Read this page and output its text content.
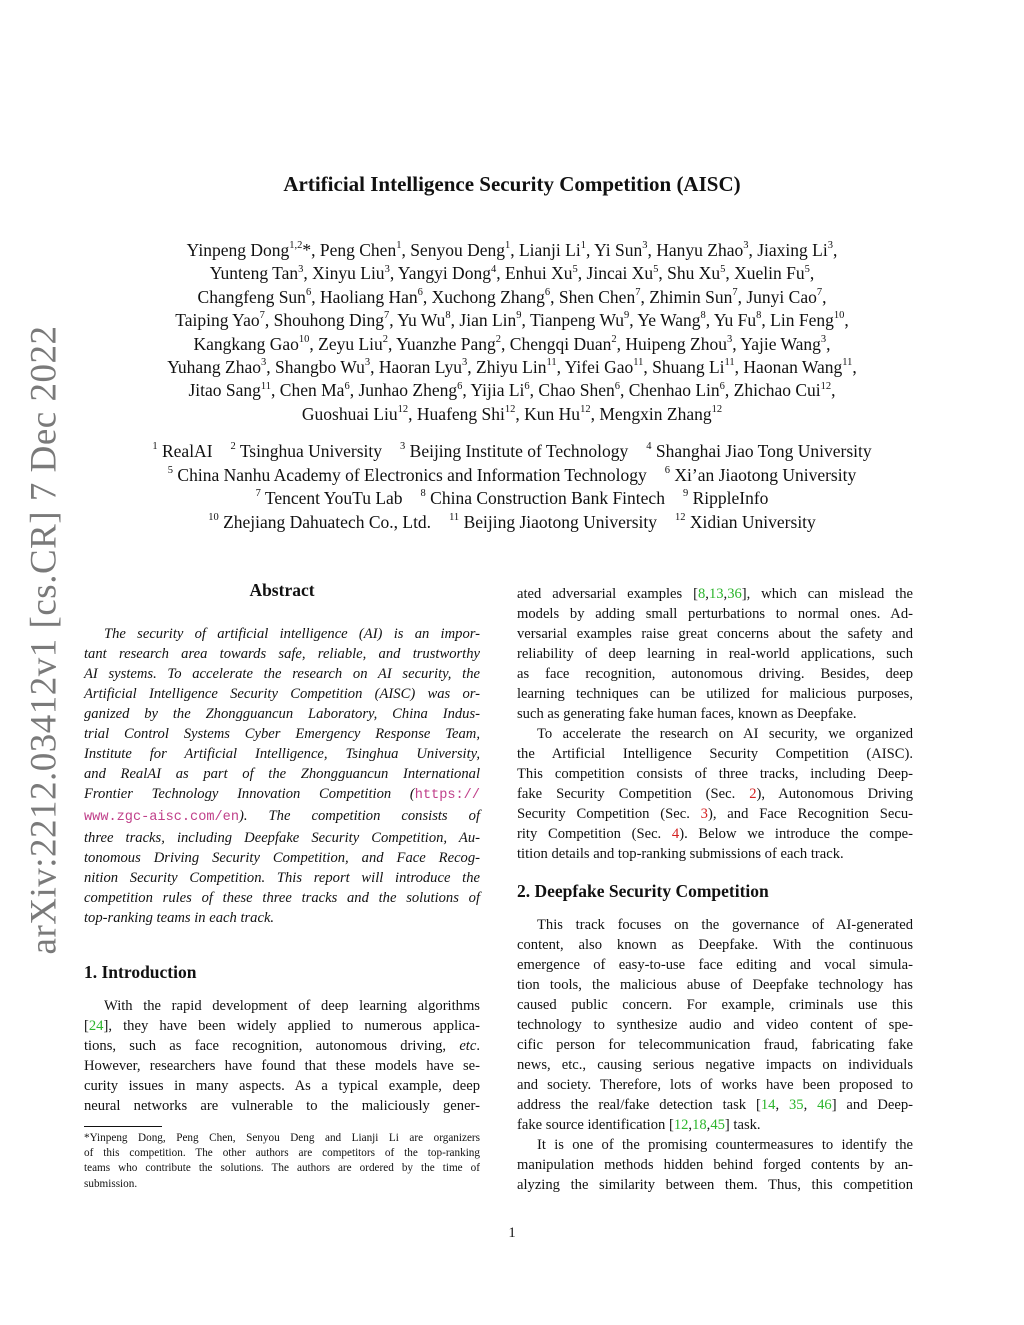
arXiv:2212.03412v1 [cs.CR] 7 Dec 2022
Artificial Intelligence Security Competition (AISC)
Yinpeng Dong$^{1,2}$*, Peng Chen$^1$, Senyou Deng$^1$, Lianji Li$^1$, Yi Sun$^3$, Hanyu Zhao$^3$, Jiaxing Li$^3$,
Yunteng Tan$^3$, Xinyu Liu$^3$, Yangyi Dong$^4$, Enhui Xu$^5$, Jincai Xu$^5$, Shu Xu$^5$, Xuelin Fu$^5$,
Changfeng Sun$^6$, Haoliang Han$^6$, Xuchong Zhang$^6$, Shen Chen$^7$, Zhimin Sun$^7$, Junyi Cao$^7$,
Taiping Yao$^7$, Shouhong Ding$^7$, Yu Wu$^8$, Jian Lin$^9$, Tianpeng Wu$^9$, Ye Wang$^8$, Yu Fu$^8$, Lin Feng$^{10}$,
Kangkang Gao$^{10}$, Zeyu Liu$^2$, Yuanzhe Pang$^2$, Chengqi Duan$^2$, Huipeng Zhou$^3$, Yajie Wang$^3$,
Yuhang Zhao$^3$, Shangbo Wu$^3$, Haoran Lyu$^3$, Zhiyu Lin$^{11}$, Yifei Gao$^{11}$, Shuang Li$^{11}$, Haonan Wang$^{11}$,
Jitao Sang$^{11}$, Chen Ma$^6$, Junhao Zheng$^6$, Yijia Li$^6$, Chao Shen$^6$, Chenhao Lin$^6$, Zhichao Cui$^{12}$,
Guoshuai Liu$^{12}$, Huafeng Shi$^{12}$, Kun Hu$^{12}$, Mengxin Zhang$^{12}$
$^1$ RealAI $^2$ Tsinghua University $^3$ Beijing Institute of Technology $^4$ Shanghai Jiao Tong University
$^5$ China Nanhu Academy of Electronics and Information Technology $^6$ Xi’an Jiaotong University
$^7$ Tencent YouTu Lab $^8$ China Construction Bank Fintech $^9$ RippleInfo
$^{10}$ Zhejiang Dahuatech Co., Ltd. $^{11}$ Beijing Jiaotong University $^{12}$ Xidian University
Abstract
The security of artificial intelligence (AI) is an impor-
tant research area towards safe, reliable, and trustworthy
AI systems. To accelerate the research on AI security, the
Artificial Intelligence Security Competition (AISC) was or-
ganized by the Zhongguancun Laboratory, China Indus-
trial Control Systems Cyber Emergency Response Team,
Institute for Artificial Intelligence, Tsinghua University,
and RealAI as part of the Zhongguancun International
Frontier Technology Innovation Competition (https://
www.zgc-aisc.com/en). The competition consists of
three tracks, including Deepfake Security Competition, Au-
tonomous Driving Security Competition, and Face Recog-
nition Security Competition. This report will introduce the
competition rules of these three tracks and the solutions of
top-ranking teams in each track.
1. Introduction
With the rapid development of deep learning algorithms
[24], they have been widely applied to numerous applica-
tions, such as face recognition, autonomous driving, etc.
However, researchers have found that these models have se-
curity issues in many aspects. As a typical example, deep
neural networks are vulnerable to the maliciously gener-
*Yinpeng Dong, Peng Chen, Senyou Deng and Lianji Li are organizers
of this competition. The other authors are competitors of the top-ranking
teams who contribute the solutions. The authors are ordered by the time of
submission.
ated adversarial examples [8,13,36], which can mislead the
models by adding small perturbations to normal ones. Ad-
versarial examples raise great concerns about the safety and
reliability of deep learning in real-world applications, such
as face recognition, autonomous driving. Besides, deep
learning techniques can be utilized for malicious purposes,
such as generating fake human faces, known as Deepfake.
To accelerate the research on AI security, we organized
the Artificial Intelligence Security Competition (AISC).
This competition consists of three tracks, including Deep-
fake Security Competition (Sec. 2), Autonomous Driving
Security Competition (Sec. 3), and Face Recognition Secu-
rity Competition (Sec. 4). Below we introduce the compe-
tition details and top-ranking submissions of each track.
2. Deepfake Security Competition
This track focuses on the governance of AI-generated
content, also known as Deepfake. With the continuous
emergence of easy-to-use face editing and vocal simula-
tion tools, the malicious abuse of Deepfake technology has
caused public concern. For example, criminals use this
technology to synthesize audio and video content of spe-
cific person for telecommunication fraud, fabricating fake
news, etc., causing serious negative impacts on individuals
and society. Therefore, lots of works have been proposed to
address the real/fake detection task [14, 35, 46] and Deep-
fake source identification [12,18,45] task.
It is one of the promising countermeasures to identify the
manipulation methods hidden behind forged contents by an-
alyzing the similarity between them. Thus, this competition
1
